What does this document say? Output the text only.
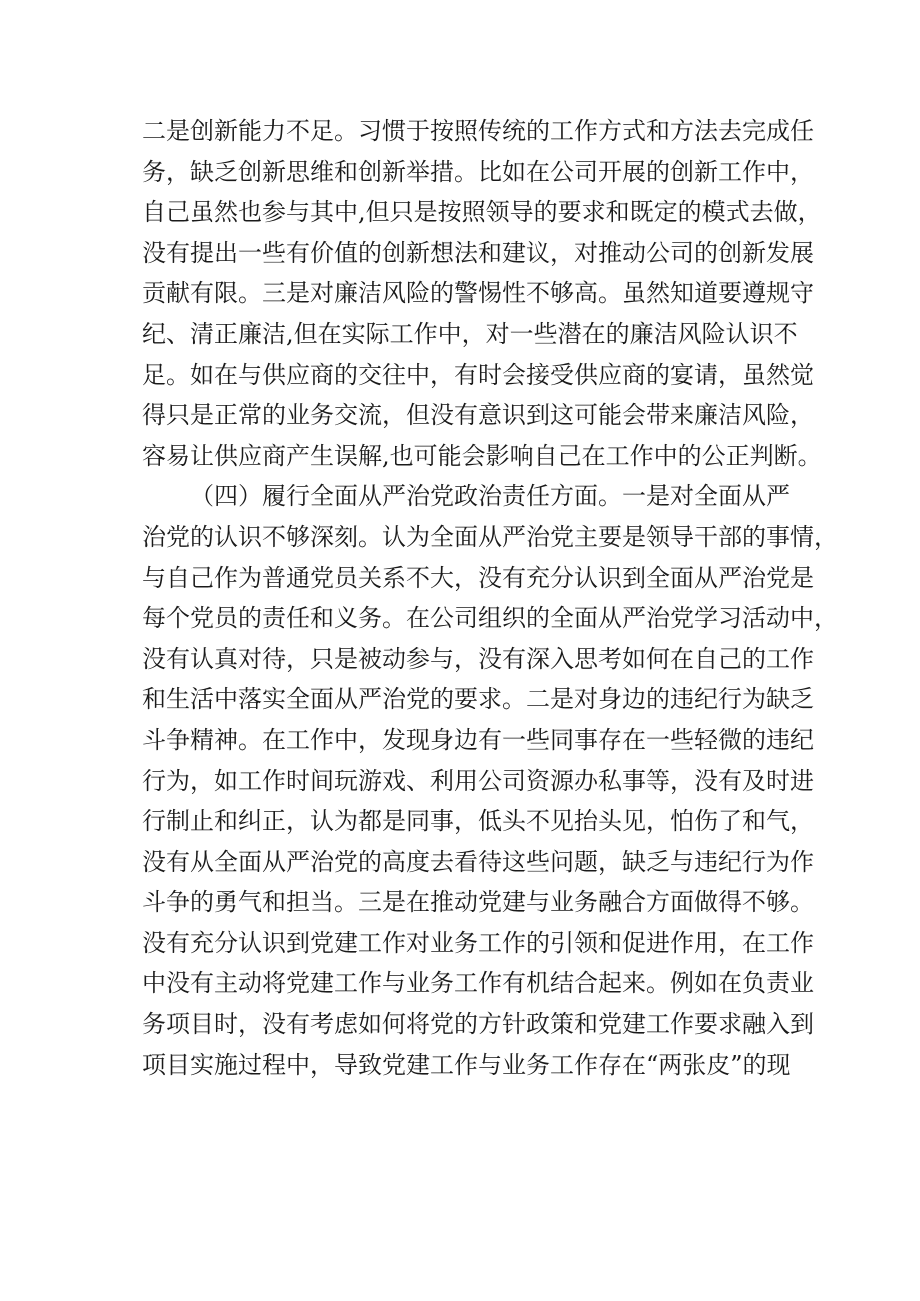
二是创新能力不足。习惯于按照传统的工作方式和方法去完成任
务，缺乏创新思维和创新举措。比如在公司开展的创新工作中，
自己虽然也参与其中,但只是按照领导的要求和既定的模式去做，
没有提出一些有价值的创新想法和建议，对推动公司的创新发展
贡献有限。三是对廉洁风险的警惕性不够高。虽然知道要遵规守
纪、清正廉洁,但在实际工作中，对一些潜在的廉洁风险认识不
足。如在与供应商的交往中，有时会接受供应商的宴请，虽然觉
得只是正常的业务交流，但没有意识到这可能会带来廉洁风险，
容易让供应商产生误解,也可能会影响自己在工作中的公正判断。
（四）履行全面从严治党政治责任方面。一是对全面从严
治党的认识不够深刻。认为全面从严治党主要是领导干部的事情，
与自己作为普通党员关系不大，没有充分认识到全面从严治党是
每个党员的责任和义务。在公司组织的全面从严治党学习活动中，
没有认真对待，只是被动参与，没有深入思考如何在自己的工作
和生活中落实全面从严治党的要求。二是对身边的违纪行为缺乏
斗争精神。在工作中，发现身边有一些同事存在一些轻微的违纪
行为，如工作时间玩游戏、利用公司资源办私事等，没有及时进
行制止和纠正，认为都是同事，低头不见抬头见，怕伤了和气，
没有从全面从严治党的高度去看待这些问题，缺乏与违纪行为作
斗争的勇气和担当。三是在推动党建与业务融合方面做得不够。
没有充分认识到党建工作对业务工作的引领和促进作用，在工作
中没有主动将党建工作与业务工作有机结合起来。例如在负责业
务项目时，没有考虑如何将党的方针政策和党建工作要求融入到
项目实施过程中，导致党建工作与业务工作存在“两张皮”的现
